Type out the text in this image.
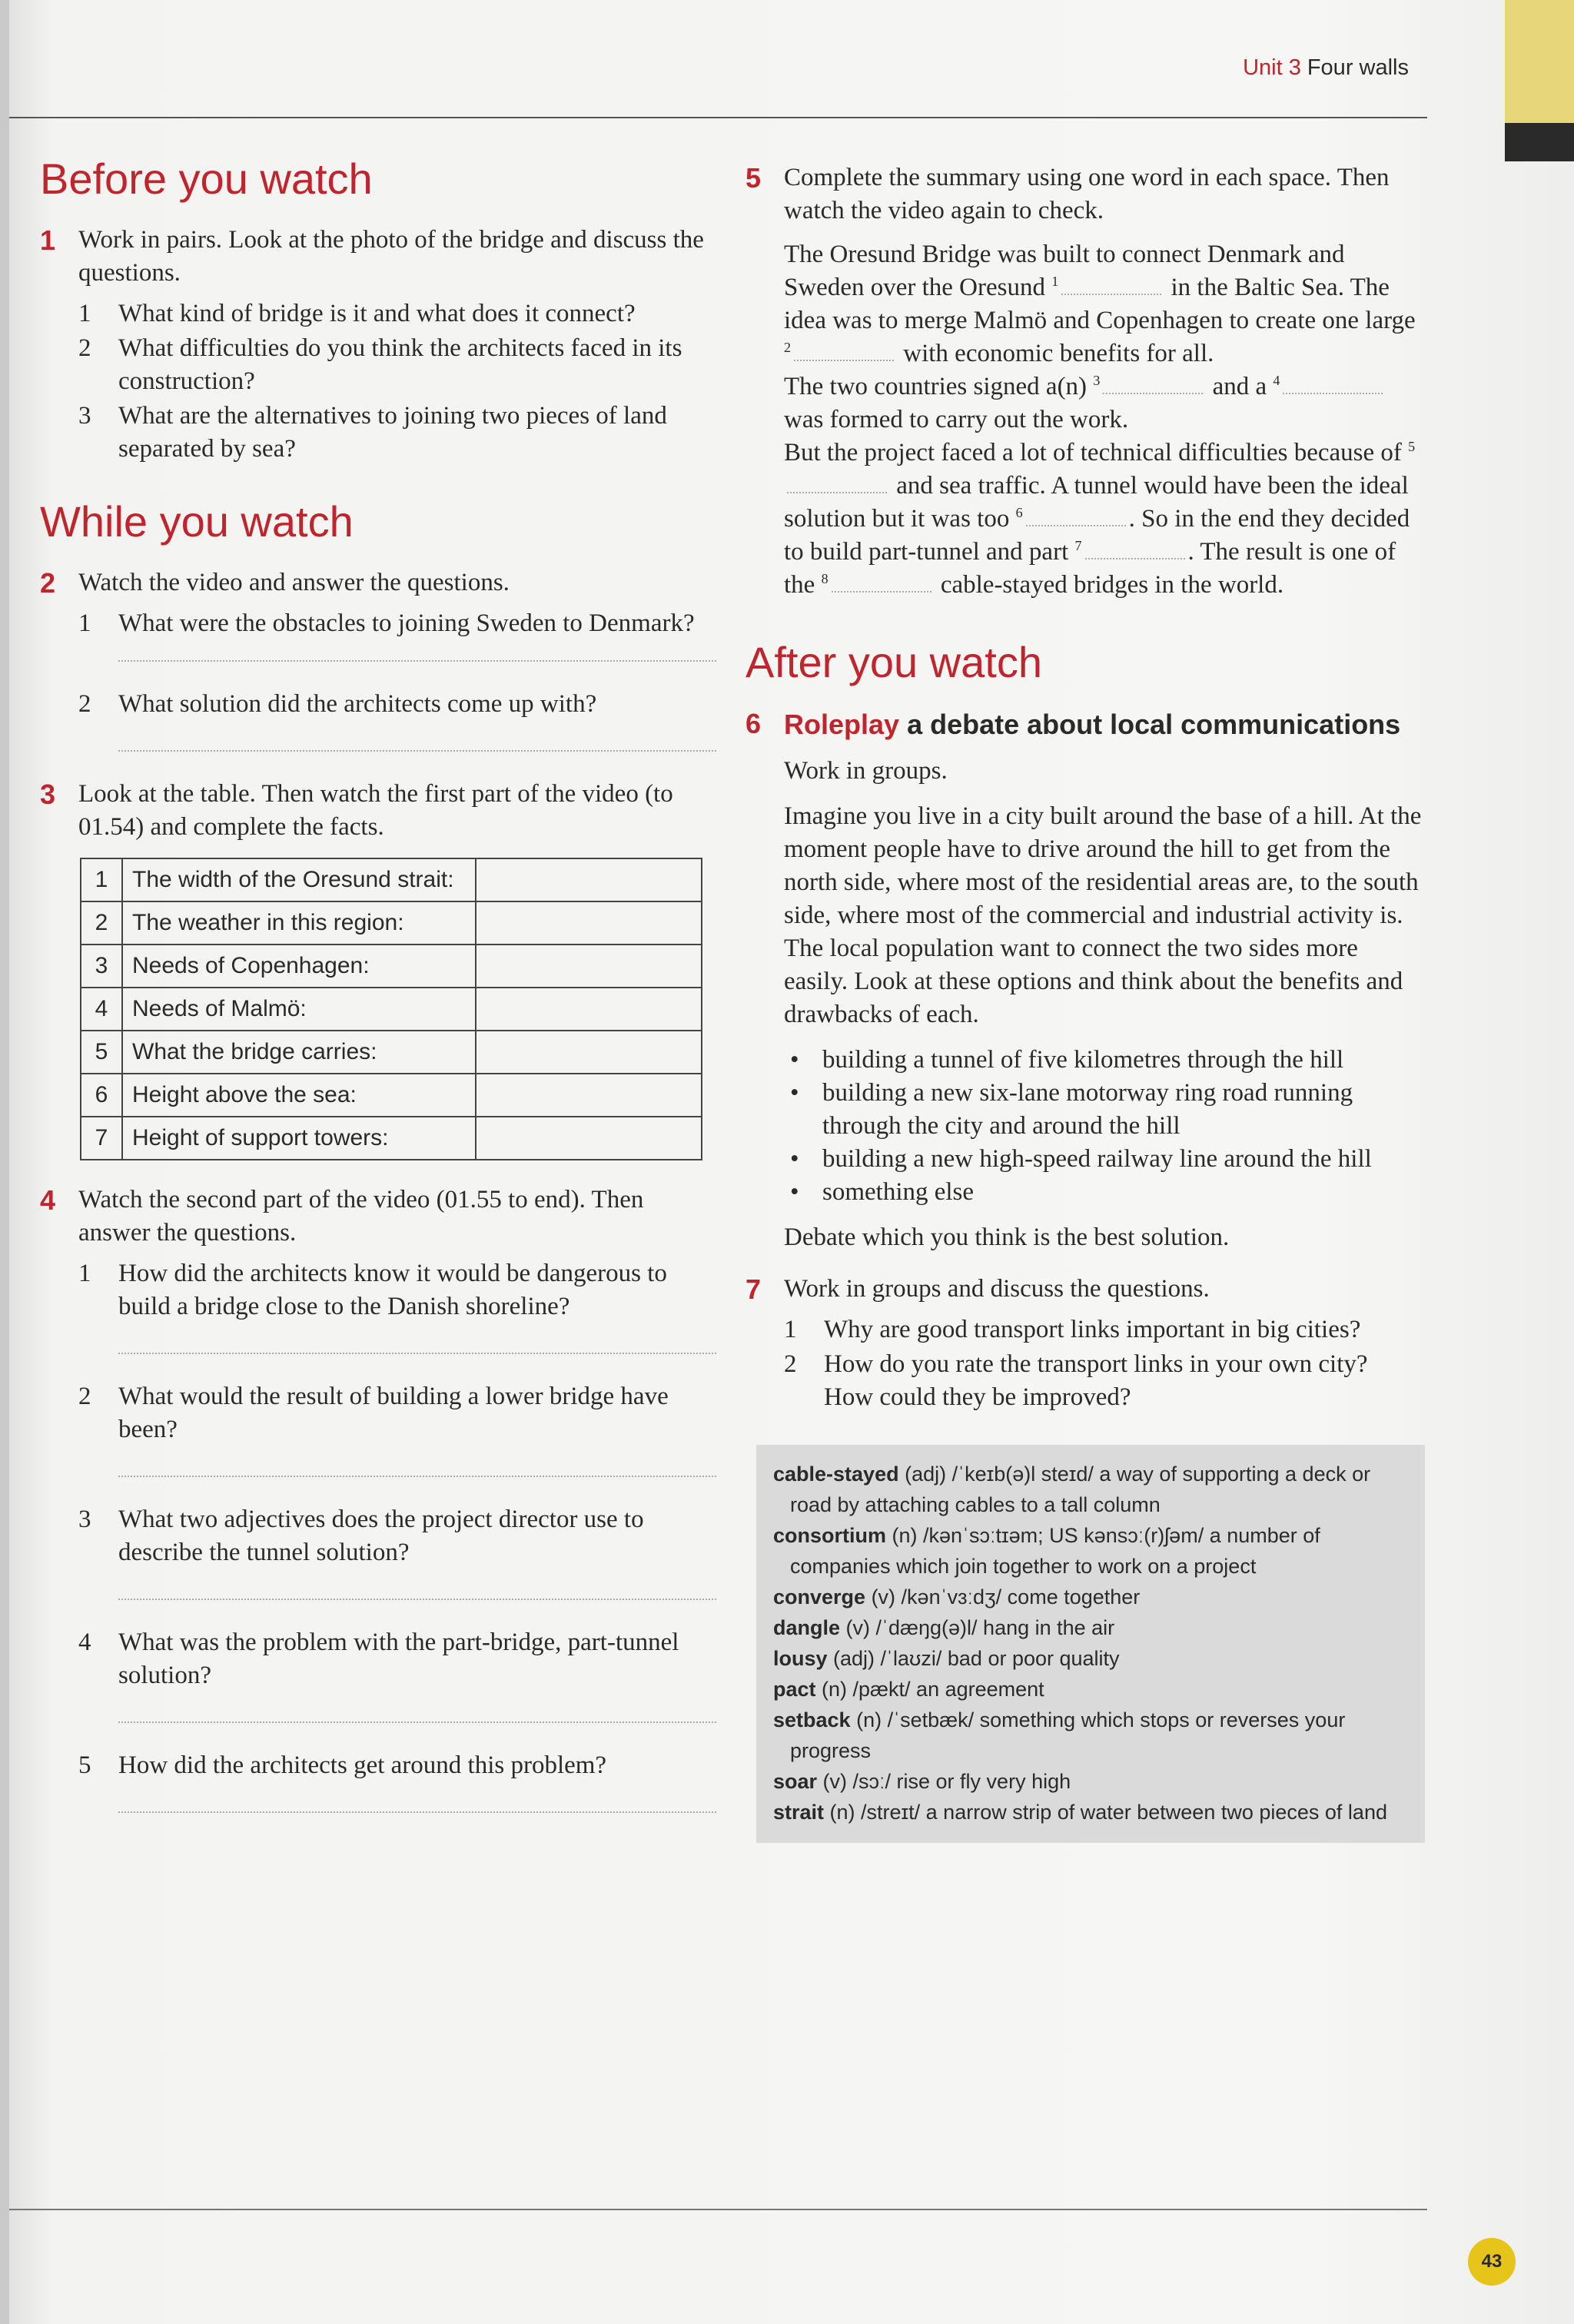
Unit 3 Four walls
Before you watch
1 Work in pairs. Look at the photo of the bridge and discuss the questions.
1 What kind of bridge is it and what does it connect?
2 What difficulties do you think the architects faced in its construction?
3 What are the alternatives to joining two pieces of land separated by sea?
While you watch
2 Watch the video and answer the questions.
1 What were the obstacles to joining Sweden to Denmark?
2 What solution did the architects come up with?
3 Look at the table. Then watch the first part of the video (to 01.54) and complete the facts.
1	The width of the Oresund strait:	
2	The weather in this region:	
3	Needs of Copenhagen:	
4	Needs of Malmö:	
5	What the bridge carries:	
6	Height above the sea:	
7	Height of support towers:	
4 Watch the second part of the video (01.55 to end). Then answer the questions.
1 How did the architects know it would be dangerous to build a bridge close to the Danish shoreline?
2 What would the result of building a lower bridge have been?
3 What two adjectives does the project director use to describe the tunnel solution?
4 What was the problem with the part-bridge, part-tunnel solution?
5 How did the architects get around this problem?
5 Complete the summary using one word in each space. Then watch the video again to check.
The Oresund Bridge was built to connect Denmark and Sweden over the Oresund $^1$	in the Baltic Sea. The idea was to merge Malmö and Copenhagen to create one large $^2$	with economic benefits for all.
The two countries signed a(n) $^3$	and a $^4$ was formed to carry out the work.
But the project faced a lot of technical difficulties because of $^5$ and sea traffic. A tunnel would have been the ideal solution but it was too $^6$	. So in the end they decided to build part-tunnel and part $^7$	. The result is one of the $^8$	cable-stayed bridges in the world.
After you watch
6 Roleplay a debate about local communications
Work in groups.
Imagine you live in a city built around the base of a hill. At the moment people have to drive around the hill to get from the north side, where most of the residential areas are, to the south side, where most of the commercial and industrial activity is. The local population want to connect the two sides more easily. Look at these options and think about the benefits and drawbacks of each.
• building a tunnel of five kilometres through the hill
• building a new six-lane motorway ring road running through the city and around the hill
• building a new high-speed railway line around the hill
• something else
Debate which you think is the best solution.
7 Work in groups and discuss the questions.
1 Why are good transport links important in big cities?
2 How do you rate the transport links in your own city? How could they be improved?
cable-stayed (adj) /ˈkeɪb(ə)l steɪd/ a way of supporting a deck or road by attaching cables to a tall column
consortium (n) /kənˈsɔːtɪəm; US kənsɔː(r)ʃəm/ a number of companies which join together to work on a project
converge (v) /kənˈvɜːdʒ/ come together
dangle (v) /ˈdæŋg(ə)l/ hang in the air
lousy (adj) /ˈlaʊzi/ bad or poor quality
pact (n) /pækt/ an agreement
setback (n) /ˈsetbæk/ something which stops or reverses your progress
soar (v) /sɔː/ rise or fly very high
strait (n) /streɪt/ a narrow strip of water between two pieces of land
43
